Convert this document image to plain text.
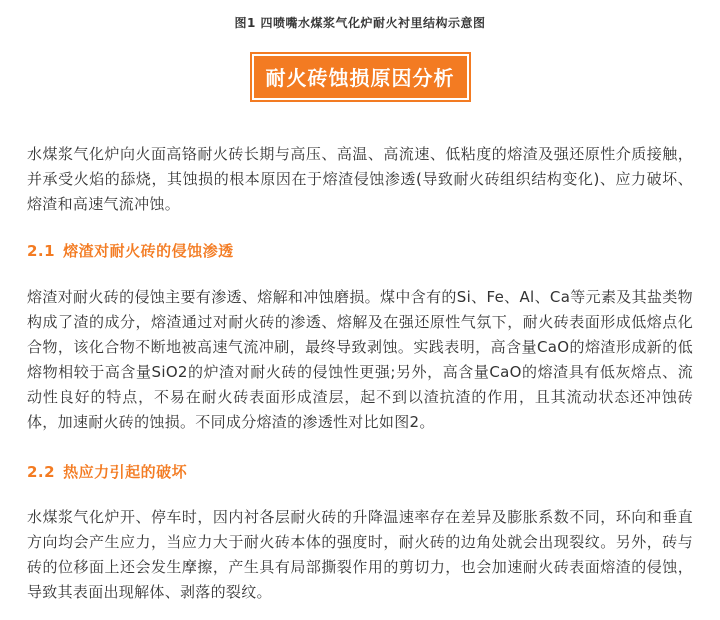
图1 四喷嘴水煤浆气化炉耐火衬里结构示意图
耐火砖蚀损原因分析

水煤浆气化炉向火面高铬耐火砖长期与高压、高温、高流速、低粘度的熔渣及强还原性介质接触，并承受火焰的舔烧，其蚀损的根本原因在于熔渣侵蚀渗透(导致耐火砖组织结构变化)、应力破坏、熔渣和高速气流冲蚀。

2.1 熔渣对耐火砖的侵蚀渗透

熔渣对耐火砖的侵蚀主要有渗透、熔解和冲蚀磨损。煤中含有的Si、Fe、Al、Ca等元素及其盐类物构成了渣的成分，熔渣通过对耐火砖的渗透、熔解及在强还原性气氛下，耐火砖表面形成低熔点化合物，该化合物不断地被高速气流冲刷，最终导致剥蚀。实践表明，高含量CaO的熔渣形成新的低熔物相较于高含量SiO2的炉渣对耐火砖的侵蚀性更强;另外，高含量CaO的熔渣具有低灰熔点、流动性良好的特点，不易在耐火砖表面形成渣层，起不到以渣抗渣的作用，且其流动状态还冲蚀砖体，加速耐火砖的蚀损。不同成分熔渣的渗透性对比如图2。

2.2 热应力引起的破坏

水煤浆气化炉开、停车时，因内衬各层耐火砖的升降温速率存在差异及膨胀系数不同，环向和垂直方向均会产生应力，当应力大于耐火砖本体的强度时，耐火砖的边角处就会出现裂纹。另外，砖与砖的位移面上还会发生摩擦，产生具有局部撕裂作用的剪切力，也会加速耐火砖表面熔渣的侵蚀，导致其表面出现解体、剥落的裂纹。
